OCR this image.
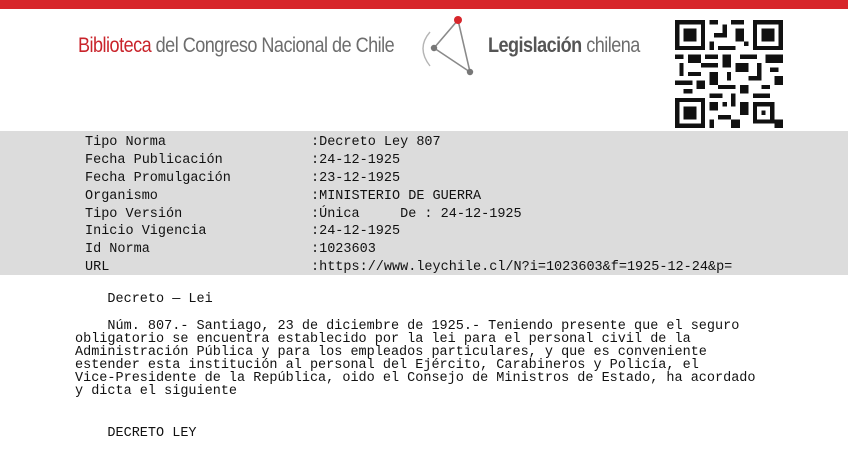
Biblioteca del Congreso Nacional de Chile	Legislación chilena
Tipo Norma	:Decreto Ley 807
Fecha Publicación	:24-12-1925
Fecha Promulgación	:23-12-1925
Organismo	:MINISTERIO DE GUERRA
Tipo Versión	:Única     De : 24-12-1925
Inicio Vigencia	:24-12-1925
Id Norma	:1023603
URL	:https://www.leychile.cl/N?i=1023603&f=1925-12-24&p=
Decreto — Lei
Núm. 807.- Santiago, 23 de diciembre de 1925.- Teniendo presente que el seguro
obligatorio se encuentra establecido por la lei para el personal civil de la
Administración Pública y para los empleados particulares, y que es conveniente
estender esta institución al personal del Ejército, Carabineros y Policía, el
Vice-Presidente de la República, oido el Consejo de Ministros de Estado, ha acordado
y dicta el siguiente
DECRETO LEY
